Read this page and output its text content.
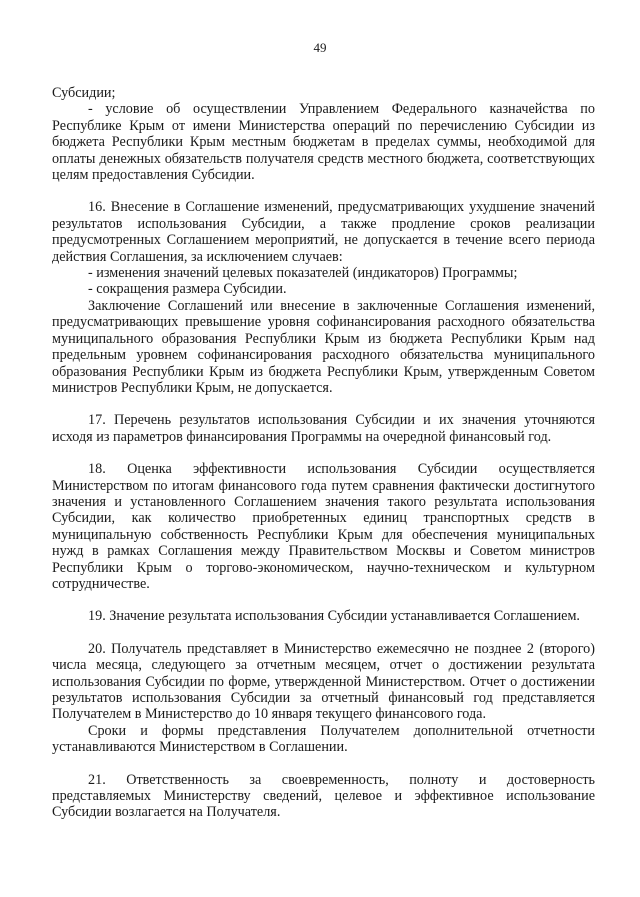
49

Субсидии;

- условие об осуществлении Управлением Федерального казначейства по Республике Крым от имени Министерства операций по перечислению Субсидии из бюджета Республики Крым местным бюджетам в пределах суммы, необходимой для оплаты денежных обязательств получателя средств местного бюджета, соответствующих целям предоставления Субсидии.

16. Внесение в Соглашение изменений, предусматривающих ухудшение значений результатов использования Субсидии, а также продление сроков реализации предусмотренных Соглашением мероприятий, не допускается в течение всего периода действия Соглашения, за исключением случаев:

- изменения значений целевых показателей (индикаторов) Программы;

- сокращения размера Субсидии.

Заключение Соглашений или внесение в заключенные Соглашения изменений, предусматривающих превышение уровня софинансирования расходного обязательства муниципального образования Республики Крым из бюджета Республики Крым над предельным уровнем софинансирования расходного обязательства муниципального образования Республики Крым из бюджета Республики Крым, утвержденным Советом министров Республики Крым, не допускается.

17. Перечень результатов использования Субсидии и их значения уточняются исходя из параметров финансирования Программы на очередной финансовый год.

18. Оценка эффективности использования Субсидии осуществляется Министерством по итогам финансового года путем сравнения фактически достигнутого значения и установленного Соглашением значения такого результата использования Субсидии, как количество приобретенных единиц транспортных средств в муниципальную собственность Республики Крым для обеспечения муниципальных нужд в рамках Соглашения между Правительством Москвы и Советом министров Республики Крым о торгово-экономическом, научно-техническом и культурном сотрудничестве.

19. Значение результата использования Субсидии устанавливается Соглашением.

20. Получатель представляет в Министерство ежемесячно не позднее 2 (второго) числа месяца, следующего за отчетным месяцем, отчет о достижении результата использования Субсидии по форме, утвержденной Министерством. Отчет о достижении результатов использования Субсидии за отчетный финансовый год представляется Получателем в Министерство до 10 января текущего финансового года.

Сроки и формы представления Получателем дополнительной отчетности устанавливаются Министерством в Соглашении.

21. Ответственность за своевременность, полноту и достоверность представляемых Министерству сведений, целевое и эффективное использование Субсидии возлагается на Получателя.
